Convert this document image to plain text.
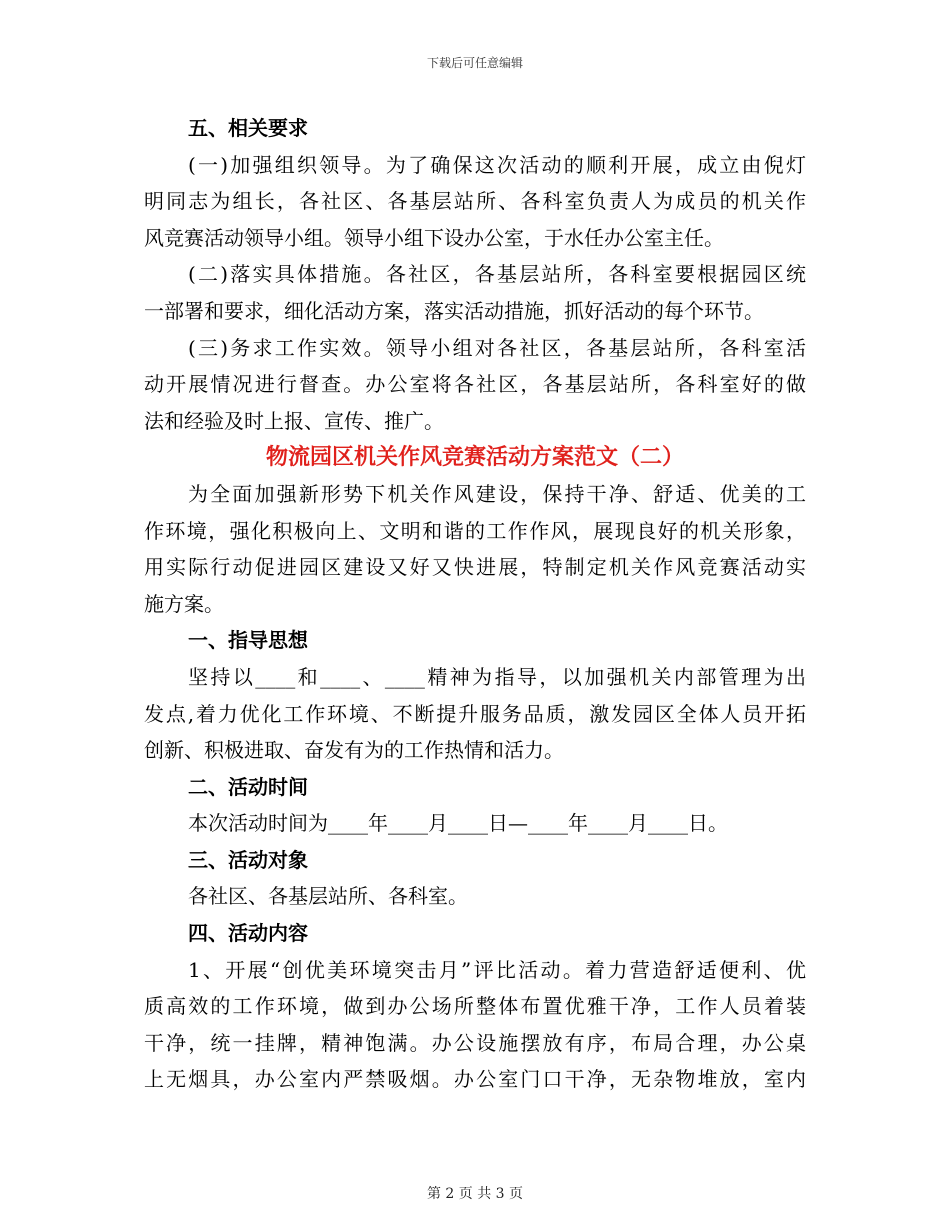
下载后可任意编辑
五、相关要求
(一)加强组织领导。为了确保这次活动的顺利开展，成立由倪灯
明同志为组长，各社区、各基层站所、各科室负责人为成员的机关作
风竞赛活动领导小组。领导小组下设办公室，于水任办公室主任。
(二)落实具体措施。各社区，各基层站所，各科室要根据园区统
一部署和要求，细化活动方案，落实活动措施，抓好活动的每个环节。
(三)务求工作实效。领导小组对各社区，各基层站所，各科室活
动开展情况进行督查。办公室将各社区，各基层站所，各科室好的做
法和经验及时上报、宣传、推广。
物流园区机关作风竞赛活动方案范文（二）
为全面加强新形势下机关作风建设，保持干净、舒适、优美的工
作环境，强化积极向上、文明和谐的工作作风，展现良好的机关形象，
用实际行动促进园区建设又好又快进展，特制定机关作风竞赛活动实
施方案。
一、指导思想
坚持以____和____、____精神为指导，以加强机关内部管理为出
发点,着力优化工作环境、不断提升服务品质，激发园区全体人员开拓
创新、积极进取、奋发有为的工作热情和活力。
二、活动时间
本次活动时间为____年____月____日—____年____月____日。
三、活动对象
各社区、各基层站所、各科室。
四、活动内容
1、开展“创优美环境突击月”评比活动。着力营造舒适便利、优
质高效的工作环境，做到办公场所整体布置优雅干净，工作人员着装
干净，统一挂牌，精神饱满。办公设施摆放有序，布局合理，办公桌
上无烟具，办公室内严禁吸烟。办公室门口干净，无杂物堆放，室内
第 2 页 共 3 页
